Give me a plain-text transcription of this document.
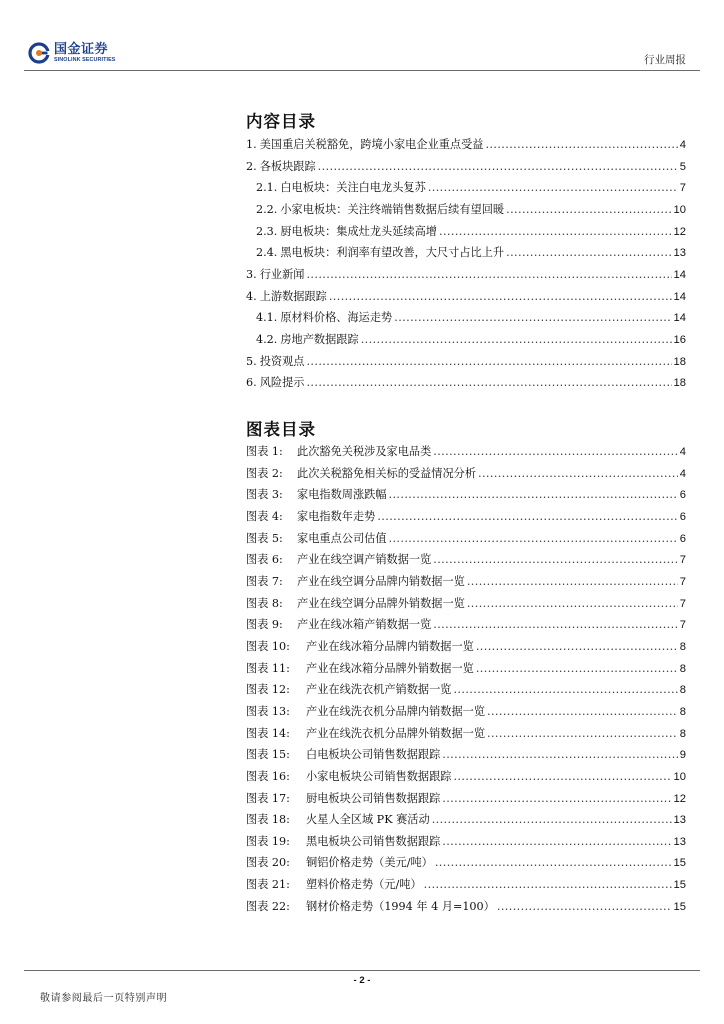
国金证券
SINOLINK SECURITIES	行业周报
内容目录
1. 美国重启关税豁免，跨境小家电企业重点受益 .....	4
2. 各板块跟踪 .....	5
2.1. 白电板块：关注白电龙头复苏 .....	7
2.2. 小家电板块：关注终端销售数据后续有望回暖 .....	10
2.3. 厨电板块：集成灶龙头延续高增 .....	12
2.4. 黑电板块：利润率有望改善，大尺寸占比上升 .....	13
3. 行业新闻 .....	14
4. 上游数据跟踪 .....	14
4.1. 原材料价格、海运走势 .....	14
4.2. 房地产数据跟踪 .....	16
5. 投资观点 .....	18
6. 风险提示 .....	18
图表目录
图表 1:	此次豁免关税涉及家电品类 .....	4
图表 2:	此次关税豁免相关标的受益情况分析 .....	4
图表 3:	家电指数周涨跌幅 .....	6
图表 4:	家电指数年走势 .....	6
图表 5:	家电重点公司估值 .....	6
图表 6:	产业在线空调产销数据一览 .....	7
图表 7:	产业在线空调分品牌内销数据一览 .....	7
图表 8:	产业在线空调分品牌外销数据一览 .....	7
图表 9:	产业在线冰箱产销数据一览 .....	7
图表 10:	产业在线冰箱分品牌内销数据一览 .....	8
图表 11:	产业在线冰箱分品牌外销数据一览 .....	8
图表 12:	产业在线洗衣机产销数据一览 .....	8
图表 13:	产业在线洗衣机分品牌内销数据一览 .....	8
图表 14:	产业在线洗衣机分品牌外销数据一览 .....	8
图表 15:	白电板块公司销售数据跟踪 .....	9
图表 16:	小家电板块公司销售数据跟踪 .....	10
图表 17:	厨电板块公司销售数据跟踪 .....	12
图表 18:	火星人全区域 PK 赛活动 .....	13
图表 19:	黑电板块公司销售数据跟踪 .....	13
图表 20:	铜铝价格走势（美元/吨） .....	15
图表 21:	塑料价格走势（元/吨） .....	15
图表 22:	钢材价格走势（1994 年 4 月=100） .....	15
- 2 -
敬请参阅最后一页特别声明
